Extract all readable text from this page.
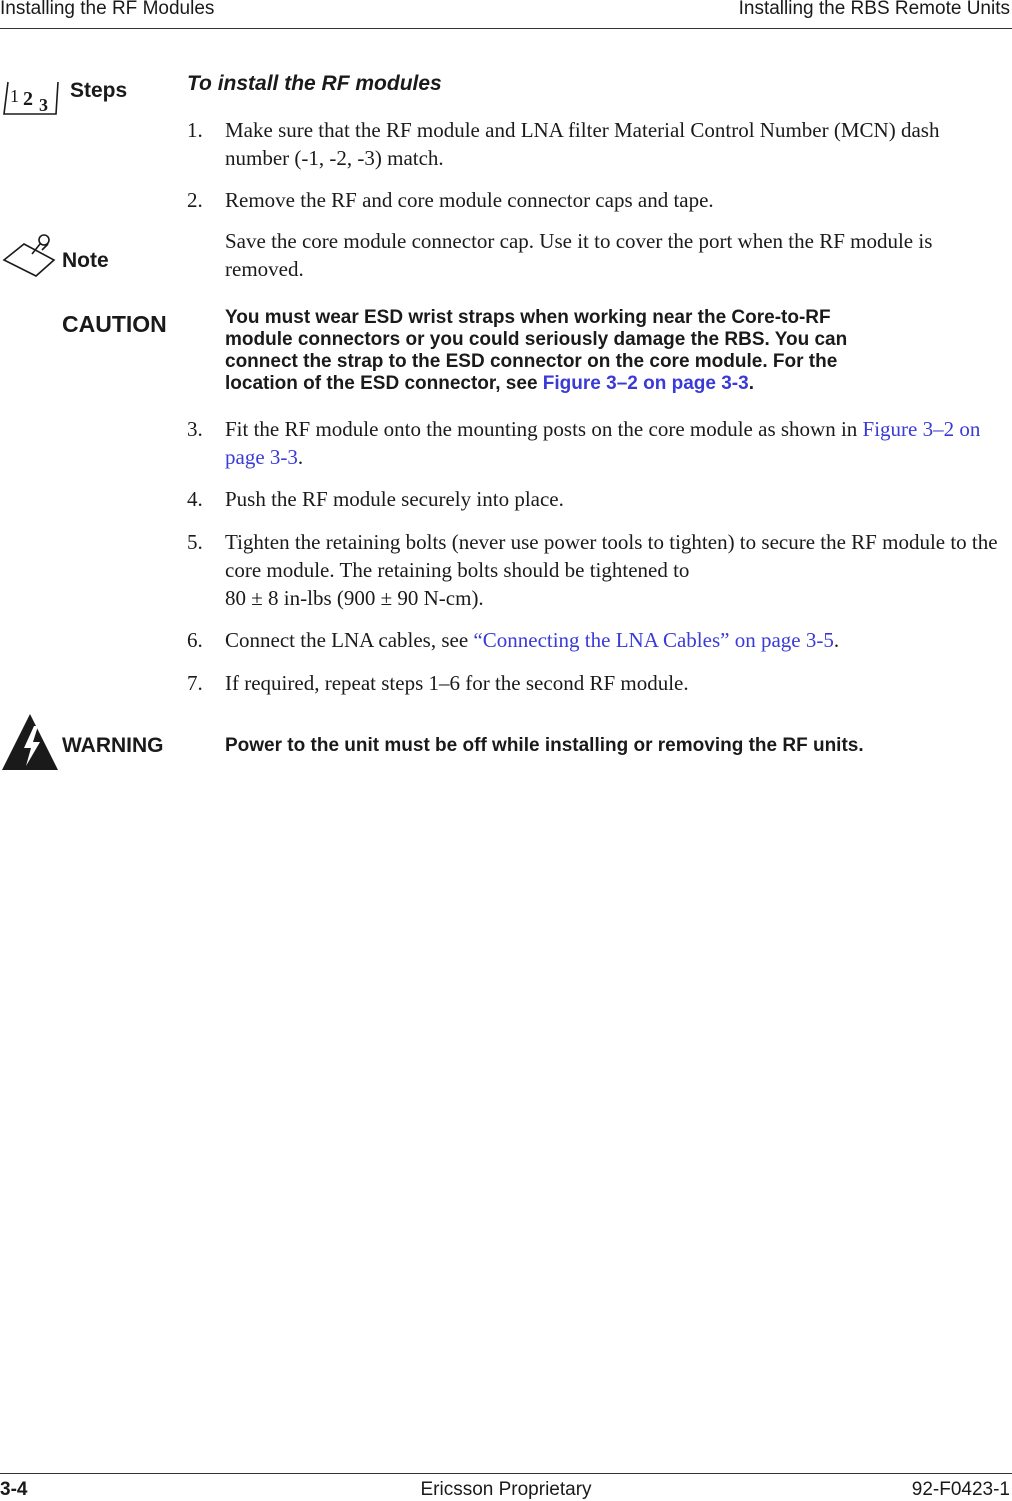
Installing the RF Modules	Installing the RBS Remote Units
1 2 3
Steps	To install the RF modules
1. Make sure that the RF module and LNA filter Material Control Number (MCN) dash number (-1, -2, -3) match.
2. Remove the RF and core module connector caps and tape.
Note
Save the core module connector cap. Use it to cover the port when the RF module is removed.
CAUTION	You must wear ESD wrist straps when working near the Core-to-RF
module connectors or you could seriously damage the RBS. You can
connect the strap to the ESD connector on the core module. For the
location of the ESD connector, see Figure 3–2 on page 3-3.
3. Fit the RF module onto the mounting posts on the core module as shown in Figure 3–2 on page 3-3.
4. Push the RF module securely into place.
5. Tighten the retaining bolts (never use power tools to tighten) to secure the RF module to the core module. The retaining bolts should be tightened to
80 ± 8 in-lbs (900 ± 90 N-cm).
6. Connect the LNA cables, see “Connecting the LNA Cables” on page 3-5.
7. If required, repeat steps 1–6 for the second RF module.
WARNING	Power to the unit must be off while installing or removing the RF units.
Ericsson Proprietary
3-4	92-F0423-1
